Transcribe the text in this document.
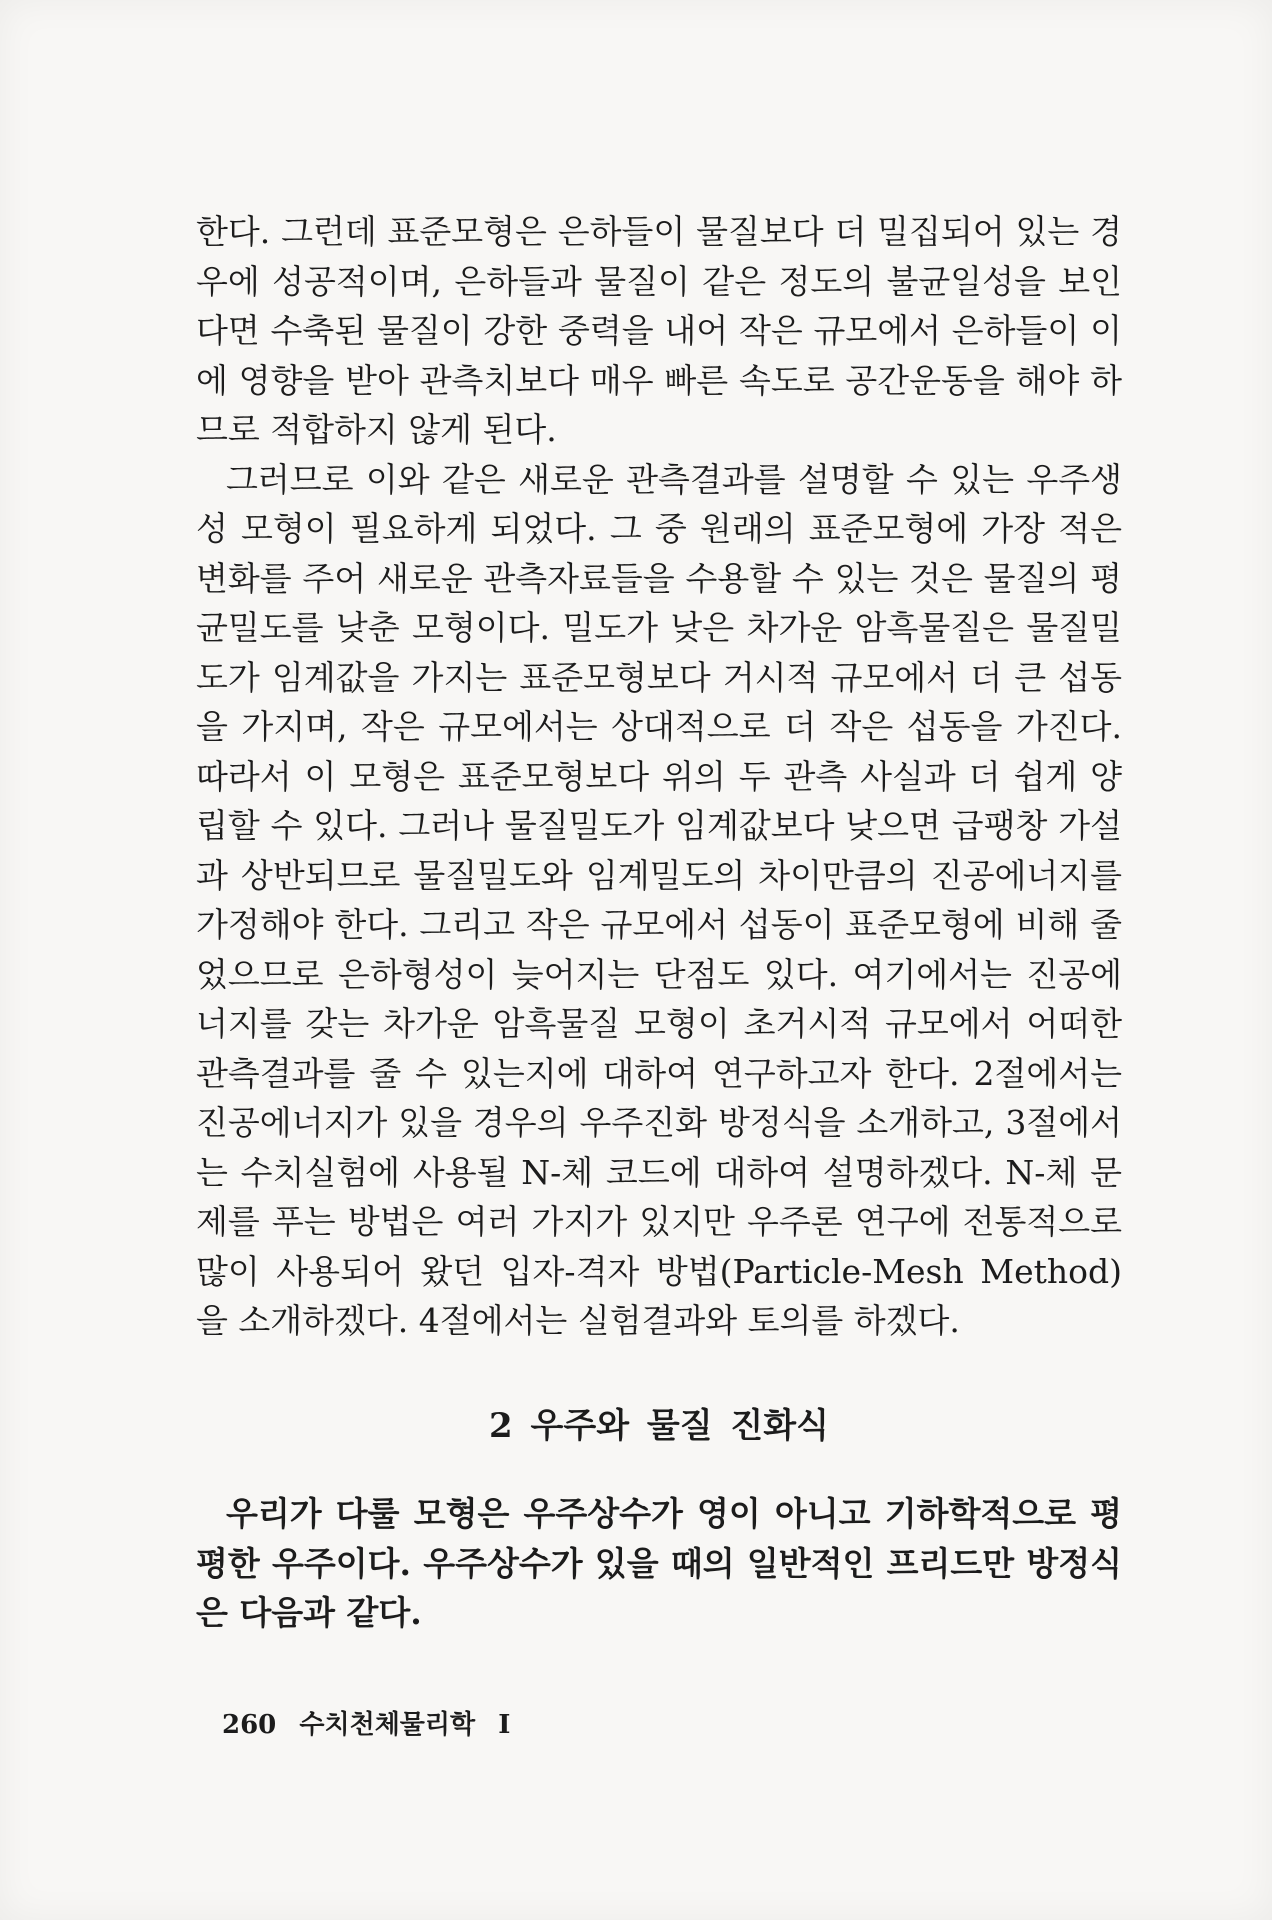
한다. 그런데 표준모형은 은하들이 물질보다 더 밀집되어 있는 경우에 성공적이며, 은하들과 물질이 같은 정도의 불균일성을 보인다면 수축된 물질이 강한 중력을 내어 작은 규모에서 은하들이 이에 영향을 받아 관측치보다 매우 빠른 속도로 공간운동을 해야 하므로 적합하지 않게 된다.

그러므로 이와 같은 새로운 관측결과를 설명할 수 있는 우주생성 모형이 필요하게 되었다. 그 중 원래의 표준모형에 가장 적은 변화를 주어 새로운 관측자료들을 수용할 수 있는 것은 물질의 평균밀도를 낮춘 모형이다. 밀도가 낮은 차가운 암흑물질은 물질밀도가 임계값을 가지는 표준모형보다 거시적 규모에서 더 큰 섭동을 가지며, 작은 규모에서는 상대적으로 더 작은 섭동을 가진다. 따라서 이 모형은 표준모형보다 위의 두 관측 사실과 더 쉽게 양립할 수 있다. 그러나 물질밀도가 임계값보다 낮으면 급팽창 가설과 상반되므로 물질밀도와 임계밀도의 차이만큼의 진공에너지를 가정해야 한다. 그리고 작은 규모에서 섭동이 표준모형에 비해 줄었으므로 은하형성이 늦어지는 단점도 있다. 여기에서는 진공에너지를 갖는 차가운 암흑물질 모형이 초거시적 규모에서 어떠한 관측결과를 줄 수 있는지에 대하여 연구하고자 한다. 2절에서는 진공에너지가 있을 경우의 우주진화 방정식을 소개하고, 3절에서는 수치실험에 사용될 N-체 코드에 대하여 설명하겠다. N-체 문제를 푸는 방법은 여러 가지가 있지만 우주론 연구에 전통적으로 많이 사용되어 왔던 입자-격자 방법(Particle-Mesh Method)을 소개하겠다. 4절에서는 실험결과와 토의를 하겠다.

2 우주와 물질 진화식

우리가 다룰 모형은 우주상수가 영이 아니고 기하학적으로 평평한 우주이다. 우주상수가 있을 때의 일반적인 프리드만 방정식은 다음과 같다.

260 수치천체물리학 I
